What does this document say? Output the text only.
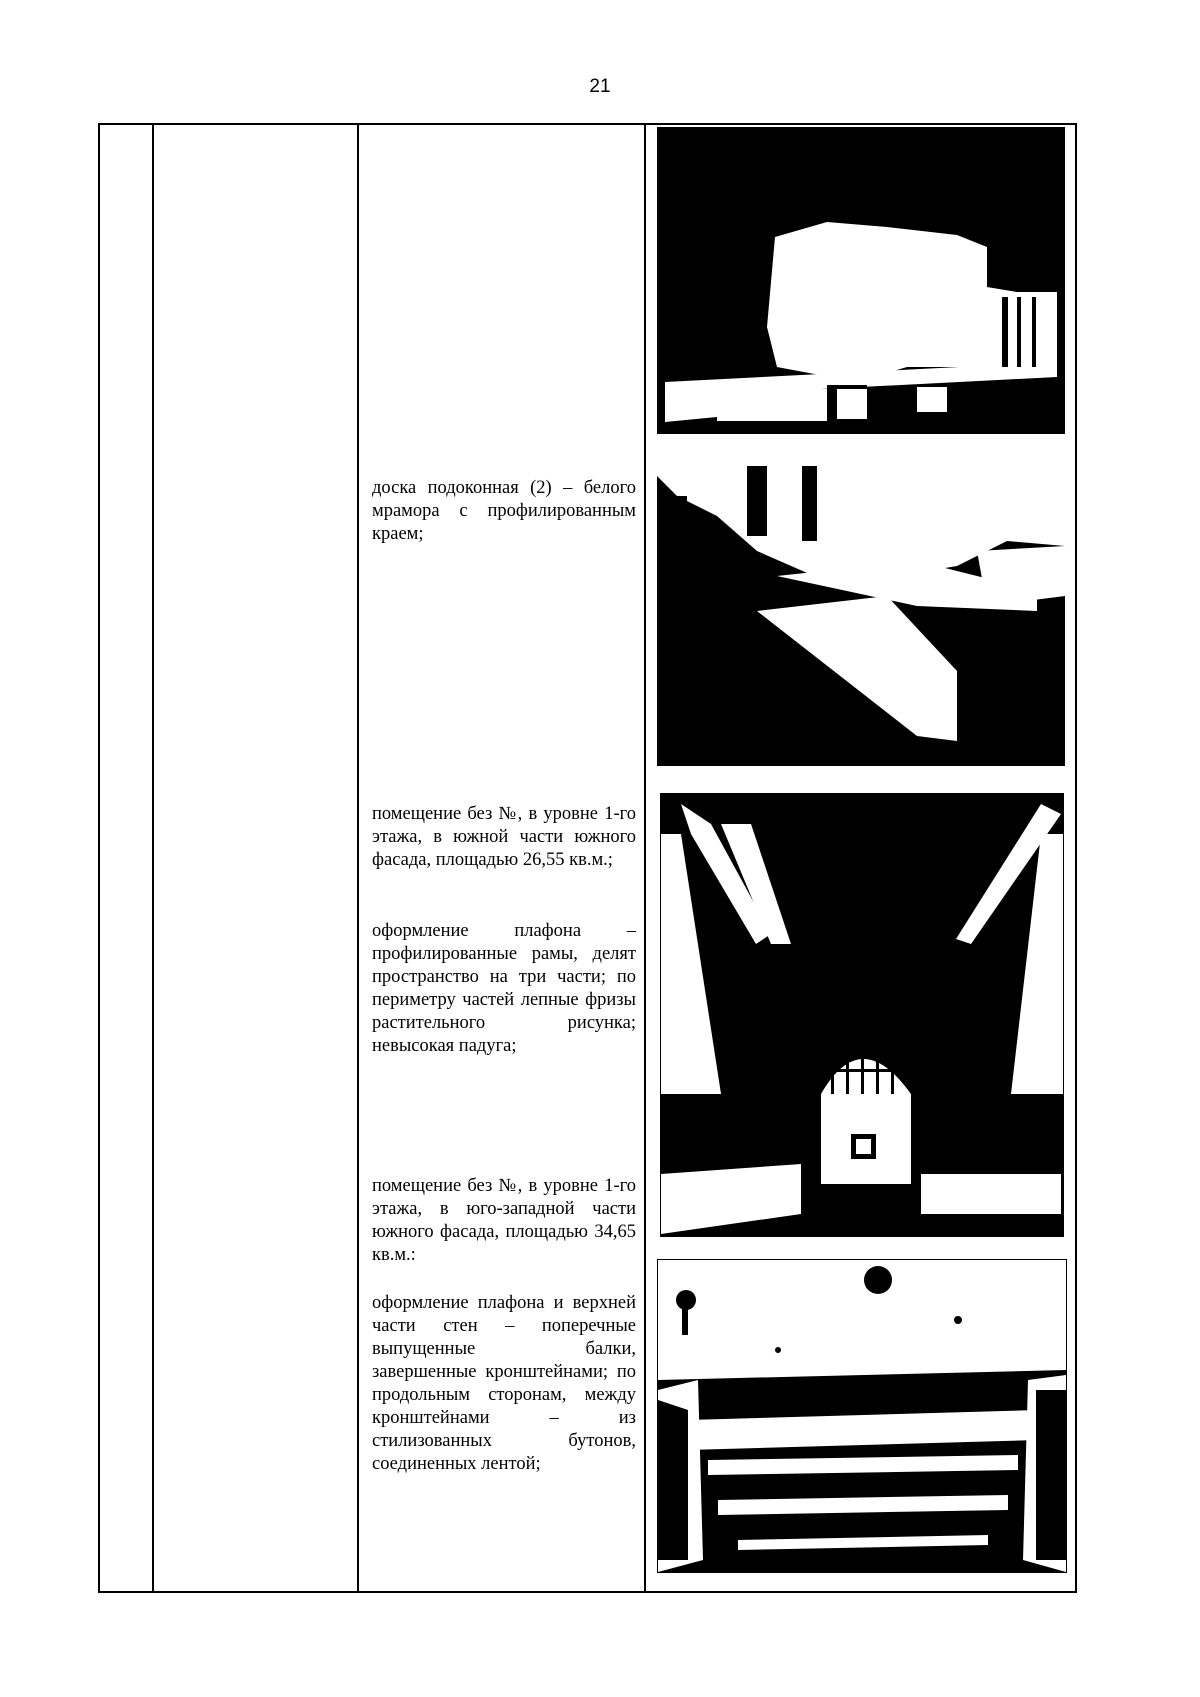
21
доска подоконная (2) – белого мрамора с профилированным краем;
помещение без №, в уровне 1-го этажа, в южной части южного фасада, площадью 26,55 кв.м.;
оформление плафона – профилированные рамы, делят пространство на три части; по периметру частей лепные фризы растительного рисунка; невысокая падуга;
помещение без №, в уровне 1-го этажа, в юго-западной части южного фасада, площадью 34,65 кв.м.:
оформление плафона и верхней части стен – поперечные выпущенные балки, завершенные кронштейнами; по продольным сторонам, между кронштейнами – из стилизованных бутонов, соединенных лентой;
